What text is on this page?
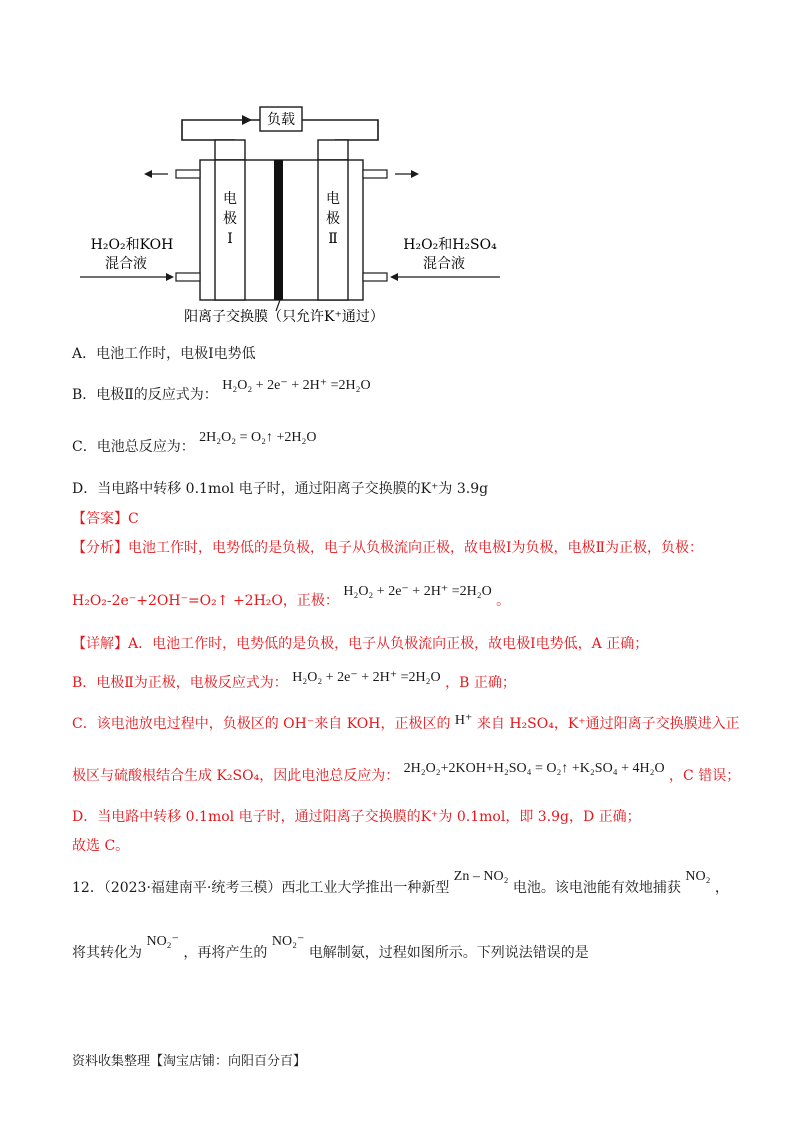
负载
电
极
Ⅰ
电
极
Ⅱ
H₂O₂和KOH
混合液
H₂O₂和H₂SO₄
混合液
阳离子交换膜（只允许K⁺通过）
A．电池工作时，电极Ⅰ电势低
B．电极Ⅱ的反应式为： H₂O₂ + 2e⁻ + 2H⁺ =2H₂O
C．电池总反应为： 2H₂O₂ = O₂↑ +2H₂O
D．当电路中转移 0.1mol 电子时，通过阳离子交换膜的K⁺为 3.9g
【答案】C
【分析】电池工作时，电势低的是负极，电子从负极流向正极，故电极Ⅰ为负极，电极Ⅱ为正极，负极：
H₂O₂-2e⁻+2OH⁻=O₂↑ +2H₂O，正极： H₂O₂ + 2e⁻ + 2H⁺ =2H₂O 。
【详解】A．电池工作时，电势低的是负极，电子从负极流向正极，故电极Ⅰ电势低，A 正确；
B．电极Ⅱ为正极，电极反应式为： H₂O₂ + 2e⁻ + 2H⁺ =2H₂O ，B 正确；
C．该电池放电过程中，负极区的 OH⁻来自 KOH，正极区的 H⁺ 来自 H₂SO₄，K⁺通过阳离子交换膜进入正
极区与硫酸根结合生成 K₂SO₄，因此电池总反应为： 2H₂O₂+2KOH+H₂SO₄ = O₂↑ +K₂SO₄ + 4H₂O ，C 错误；
D．当电路中转移 0.1mol 电子时，通过阳离子交换膜的K⁺为 0.1mol，即 3.9g，D 正确；
故选 C。
12．（2023·福建南平·统考三模）西北工业大学推出一种新型 Zn – NO₂ 电池。该电池能有效地捕获 NO₂ ，
将其转化为 NO₂⁻ ，再将产生的 NO₂⁻ 电解制氨，过程如图所示。下列说法错误的是
资料收集整理【淘宝店铺：向阳百分百】
